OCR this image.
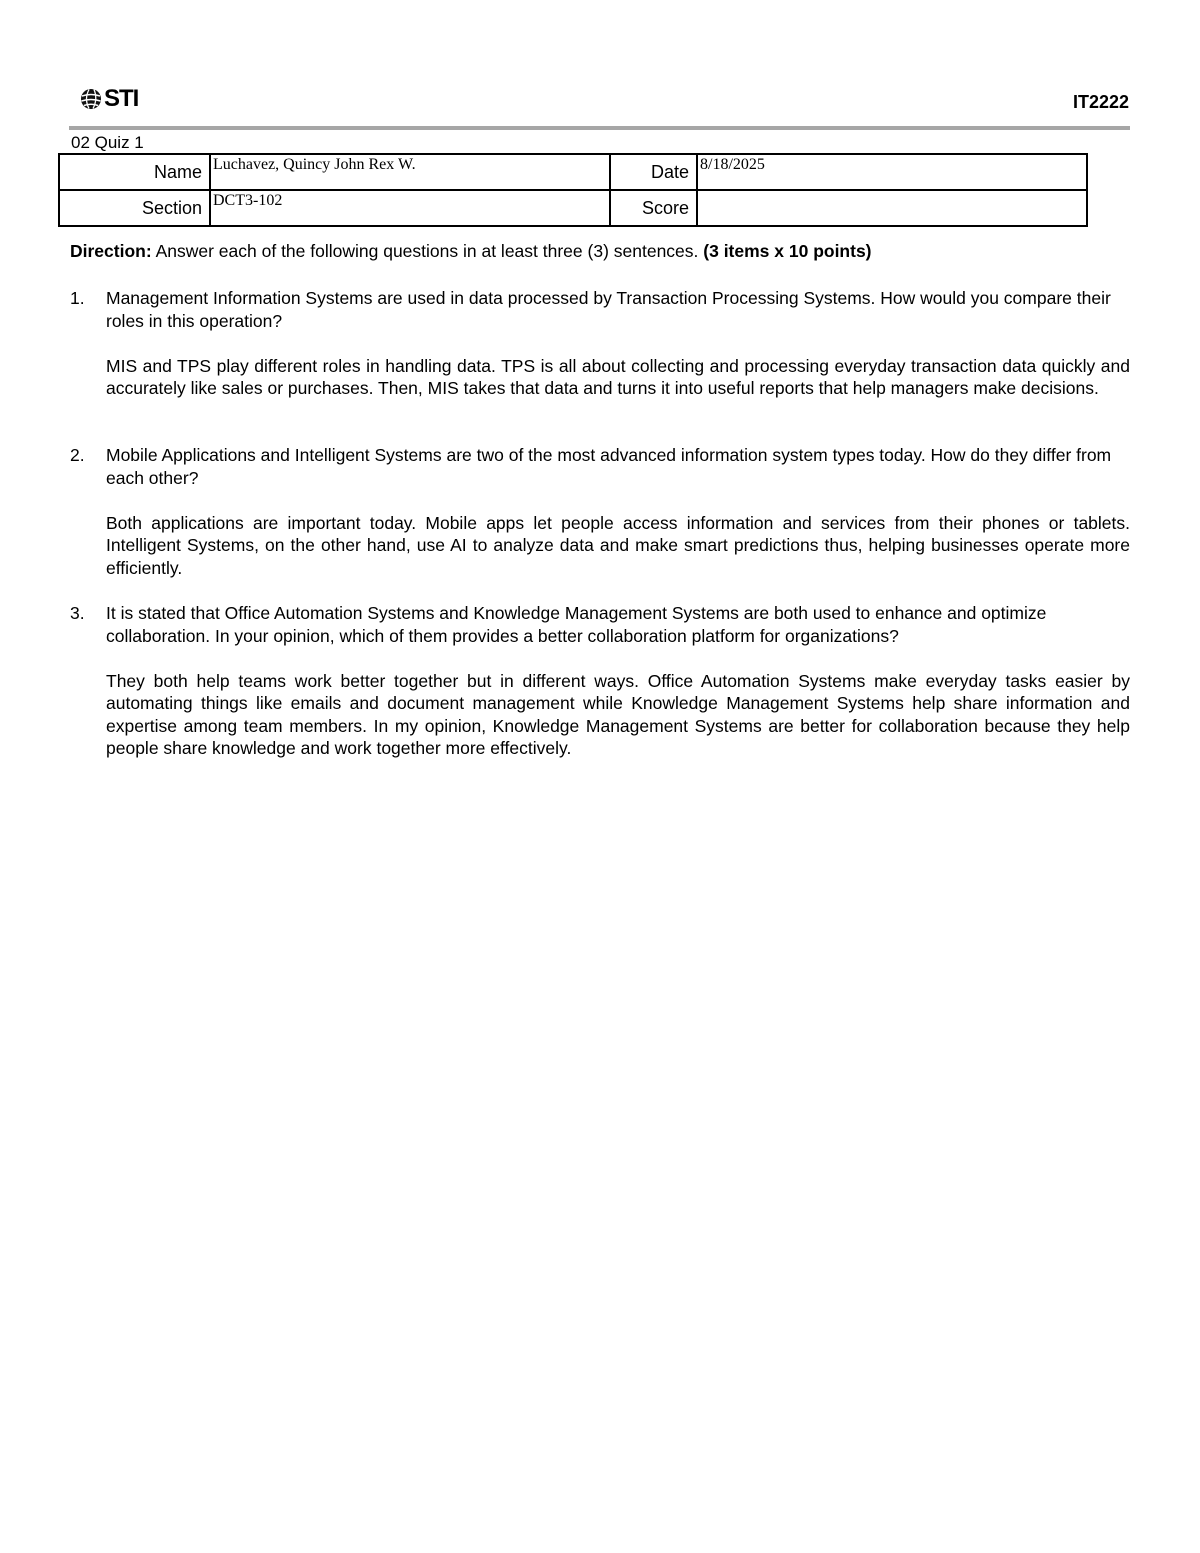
STI	IT2222
02 Quiz 1
Name	Luchavez, Quincy John Rex W.	Date	8/18/2025
Section	DCT3-102	Score	
Direction: Answer each of the following questions in at least three (3) sentences. (3 items x 10 points)
1. Management Information Systems are used in data processed by Transaction Processing Systems. How would you compare their roles in this operation?
MIS and TPS play different roles in handling data. TPS is all about collecting and processing everyday transaction data quickly and accurately like sales or purchases. Then, MIS takes that data and turns it into useful reports that help managers make decisions.
2. Mobile Applications and Intelligent Systems are two of the most advanced information system types today. How do they differ from each other?
Both applications are important today. Mobile apps let people access information and services from their phones or tablets. Intelligent Systems, on the other hand, use AI to analyze data and make smart predictions thus, helping businesses operate more efficiently.
3. It is stated that Office Automation Systems and Knowledge Management Systems are both used to enhance and optimize collaboration. In your opinion, which of them provides a better collaboration platform for organizations?
They both help teams work better together but in different ways. Office Automation Systems make everyday tasks easier by automating things like emails and document management while Knowledge Management Systems help share information and expertise among team members. In my opinion, Knowledge Management Systems are better for collaboration because they help people share knowledge and work together more effectively.
